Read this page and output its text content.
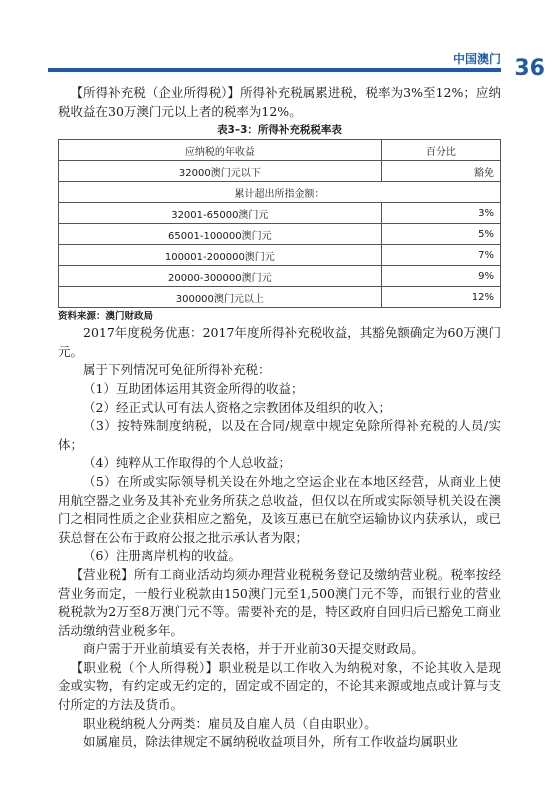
中国澳门 36

【所得补充税（企业所得税）】所得补充税属累进税，税率为3%至12%；应纳税收益在30万澳门元以上者的税率为12%。

表3–3：所得补充税税率表
应纳税的年收益	百分比
32000澳门元以下	豁免
累计超出所指金额：	
32001-65000澳门元	3%
65001-100000澳门元	5%
100001-200000澳门元	7%
20000-300000澳门元	9%
300000澳门元以上	12%
资料来源：澳门财政局

2017年度税务优惠：2017年度所得补充税收益，其豁免额确定为60万澳门元。

属于下列情况可免征所得补充税：

（1）互助团体运用其资金所得的收益；

（2）经正式认可有法人资格之宗教团体及组织的收入；

（3）按特殊制度纳税，以及在合同/规章中规定免除所得补充税的人员/实体；

（4）纯粹从工作取得的个人总收益；

（5）在所或实际领导机关设在外地之空运企业在本地区经营，从商业上使用航空器之业务及其补充业务所获之总收益，但仅以在所或实际领导机关设在澳门之相同性质之企业获相应之豁免，及该互惠已在航空运输协议内获承认，或已获总督在公布于政府公报之批示承认者为限；

（6）注册离岸机构的收益。

【营业税】所有工商业活动均须办理营业税税务登记及缴纳营业税。税率按经营业务而定，一般行业税款由150澳门元至1,500澳门元不等，而银行业的营业税税款为2万至8万澳门元不等。需要补充的是，特区政府自回归后已豁免工商业活动缴纳营业税多年。

商户需于开业前填妥有关表格，并于开业前30天提交财政局。

【职业税（个人所得税）】职业税是以工作收入为纳税对象，不论其收入是现金或实物，有约定或无约定的，固定或不固定的，不论其来源或地点或计算与支付所定的方法及货币。

职业税纳税人分两类：雇员及自雇人员（自由职业）。

如属雇员，除法律规定不属纳税收益项目外，所有工作收益均属职业
